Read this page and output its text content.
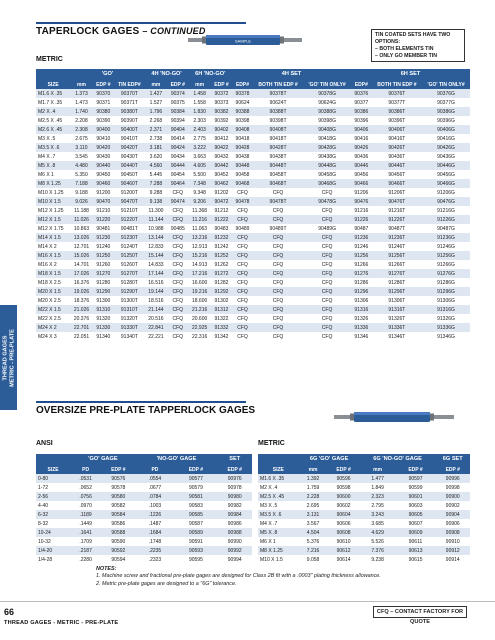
TAPERLOCK GAGES – CONTINUED
SAMPLE
TIN COATED SETS HAVE TWO OPTIONS:
– BOTH ELEMENTS TIN
– ONLY GO MEMBER TIN
METRIC
	'GO'			4H 'NO-GO'		6H 'NO-GO'		4H SET			6H SET		
SIZE	mm	EDP #	TIN EDP#	mm	EDP #	mm	EDP #	EDP#	BOTH TIN EDP #	'GO' TIN ONLY#	EDP#	BOTH TIN EDP #	'GO' TIN ONLY#
M1.6 X .35	1.373	90370	90370T	1.427	90374	1.458	90372	90378	90378T	90378G	90376	90376T	90376G
M1.7 X .35	1.473	90371	90371T	1.527	90375	1.558	90373	90624	90624T	90624G	90377	90377T	90377G
M2 X .4	1.740	90380	90380T	1.796	90384	1.830	90382	90388	90388T	90388G	90386	90386T	90386G
M2.5 X .45	2.208	90390	90390T	2.268	90394	2.303	90392	90398	90398T	90398G	90396	90396T	90396G
M2.6 X .45	2.308	90400	90400T	2.371	90404	2.403	90402	90408	90408T	90408G	90406	90406T	90406G
M3 X .5	2.675	90410	90410T	2.738	90414	2.775	90412	90418	90418T	90418G	90416	90416T	90416G
M3.5 X .6	3.110	90420	90420T	3.181	90424	3.222	90422	90428	90428T	90428G	90426	90426T	90426G
M4 X .7	3.545	90430	90430T	3.620	90434	3.663	90432	90438	90438T	90438G	90436	90436T	90436G
M5 X .8	4.480	90440	90440T	4.560	90444	4.605	90442	90448	90448T	90448G	90446	90446T	90446G
M6 X 1	5.350	90450	90450T	5.445	90454	5.500	90452	90458	90458T	90458G	90456	90456T	90456G
M8 X 1.25	7.188	90460	90460T	7.288	90464	7.348	90462	90468	90468T	90468G	90466	90466T	90466G
M10 X 1.25	9.188	91200	91200T	9.288	CFQ	9.348	91202	CFQ	CFQ	CFQ	91206	91206T	91206G
M10 X 1.5	9.026	90470	90470T	9.138	90474	9.206	90472	90478	90478T	90478G	90476	90476T	90476G
M12 X 1.25	11.188	91210	91210T	11.300	CFQ	11.368	91212	CFQ	CFQ	CFQ	91216	91216T	91216G
M12 X 1.5	11.026	91220	91220T	11.144	CFQ	11.216	91222	CFQ	CFQ	CFQ	91226	91226T	91226G
M12 X 1.75	10.863	90481	90481T	10.988	90485	11.063	90483	90489	90489T	90489G	90487	90487T	90487G
M14 X 1.5	13.026	91230	91230T	13.144	CFQ	13.216	91232	CFQ	CFQ	CFQ	91236	91236T	91236G
M14 X 2	12.701	91240	91240T	12.833	CFQ	12.913	91242	CFQ	CFQ	CFQ	91246	91246T	91246G
M16 X 1.5	15.026	91250	91250T	15.144	CFQ	15.216	91252	CFQ	CFQ	CFQ	91256	91256T	91256G
M16 X 2	14.701	91260	91260T	14.833	CFQ	14.913	91262	CFQ	CFQ	CFQ	91266	91266T	91266G
M18 X 1.5	17.026	91270	91270T	17.144	CFQ	17.216	91272	CFQ	CFQ	CFQ	91276	91276T	91276G
M18 X 2.5	16.376	91280	91280T	16.516	CFQ	16.600	91282	CFQ	CFQ	CFQ	91286	91286T	91286G
M20 X 1.5	19.026	91290	91290T	19.144	CFQ	19.216	91292	CFQ	CFQ	CFQ	91296	91296T	91296G
M20 X 2.5	18.376	91300	91300T	18.516	CFQ	18.600	91302	CFQ	CFQ	CFQ	91306	91306T	91306G
M22 X 1.5	21.026	91310	91310T	21.144	CFQ	21.216	91312	CFQ	CFQ	CFQ	91316	91316T	91316G
M22 X 2.5	20.376	91320	91320T	20.516	CFQ	20.600	91322	CFQ	CFQ	CFQ	91326	91326T	91326G
M24 X 2	22.701	91330	91330T	22.841	CFQ	22.925	91332	CFQ	CFQ	CFQ	91336	91336T	91336G
M24 X 3	22.051	91340	91340T	22.221	CFQ	22.316	91342	CFQ	CFQ	CFQ	91346	91346T	91346G
THREAD GAGES METRIC - PRE-PLATE
OVERSIZE PRE-PLATE TAPPERLOCK GAGES
ANSI	METRIC
	'GO' GAGE		'NO-GO' GAGE		SET
SIZE	PD	EDP #	PD	EDP #	EDP #
0-80	.0531	90576	.0554	90577	90976
1-72	.0652	90578	.0677	90579	90978
2-56	.0756	90580	.0784	90581	90980
4-40	.0970	90582	.1003	90583	90982
6-32	.1189	90584	.1226	90585	90984
8-32	.1449	90586	.1487	90587	90986
10-24	.1641	90588	.1684	90589	90988
10-32	.1709	90590	.1748	90591	90990
1/4-20	.2187	90592	.2235	90593	90992
1/4-28	.2280	90594	.2323	90595	90994
	6G 'GO' GAGE		6G 'NO-GO' GAGE		6G SET
SIZE	mm	EDP #	mm	EDP #	EDP #
M1.6 X .35	1.392	90596	1.477	90597	90996
M2 X .4	1.759	90598	1.849	90599	90998
M2.5 X .45	2.228	90600	2.323	90601	90900
M3 X .5	2.695	90602	2.795	90603	90902
M3.5 X .6	3.131	90604	3.243	90605	90904
M4 X .7	3.567	90606	3.685	90607	90906
M5 X .8	4.504	90608	4.629	90609	90908
M6 X 1	5.376	90610	5.526	90611	90910
M8 X 1.25	7.216	90612	7.376	90613	90912
M10 X 1.5	9.058	90614	9.238	90615	90914
NOTES:
1. Machine screw and fractional pre-plate gages are designed for Class 2B fit with a .0003" plating thickness allowance.
2. Metric pre-plate gages are designed to a "6G" tolerance.
66
THREAD GAGES - METRIC - PRE-PLATE
CFQ – CONTACT FACTORY FOR QUOTE
